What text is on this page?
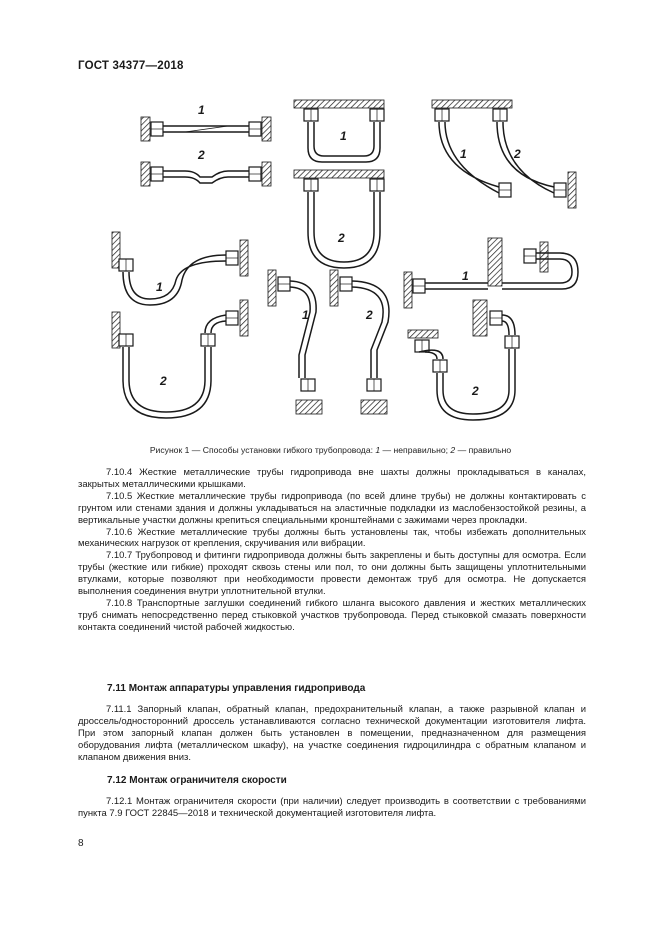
ГОСТ 34377—2018
1
2
1
2
1	2
1
2
1	2
1
2
Рисунок 1 — Способы установки гибкого трубопровода: 1 — неправильно; 2 — правильно

7.10.4 Жесткие металлические трубы гидропривода вне шахты должны прокладываться в каналах, закрытых металлическими крышками.

7.10.5 Жесткие металлические трубы гидропривода (по всей длине трубы) не должны контактировать с грунтом или стенами здания и должны укладываться на эластичные подкладки из маслобензостойкой резины, а вертикальные участки должны крепиться специальными кронштейнами с зажимами через прокладки.

7.10.6 Жесткие металлические трубы должны быть установлены так, чтобы избежать дополнительных механических нагрузок от крепления, скручивания или вибрации.

7.10.7 Трубопровод и фитинги гидропривода должны быть закреплены и быть доступны для осмотра. Если трубы (жесткие или гибкие) проходят сквозь стены или пол, то они должны быть защищены уплотнительными втулками, которые позволяют при необходимости провести демонтаж труб для осмотра. Не допускается выполнения соединения внутри уплотнительной втулки.

7.10.8 Транспортные заглушки соединений гибкого шланга высокого давления и жестких металлических труб снимать непосредственно перед стыковкой участков трубопровода. Перед стыковкой смазать поверхности контакта соединений чистой рабочей жидкостью.

7.11 Монтаж аппаратуры управления гидропривода

7.11.1 Запорный клапан, обратный клапан, предохранительный клапан, а также разрывной клапан и дроссель/односторонний дроссель устанавливаются согласно технической документации изготовителя лифта. При этом запорный клапан должен быть установлен в помещении, предназначенном для размещения оборудования лифта (металлическом шкафу), на участке соединения гидроцилиндра с обратным клапаном и клапаном движения вниз.

7.12 Монтаж ограничителя скорости

7.12.1 Монтаж ограничителя скорости (при наличии) следует производить в соответствии с требованиями пункта 7.9 ГОСТ 22845—2018 и технической документацией изготовителя лифта.

8
